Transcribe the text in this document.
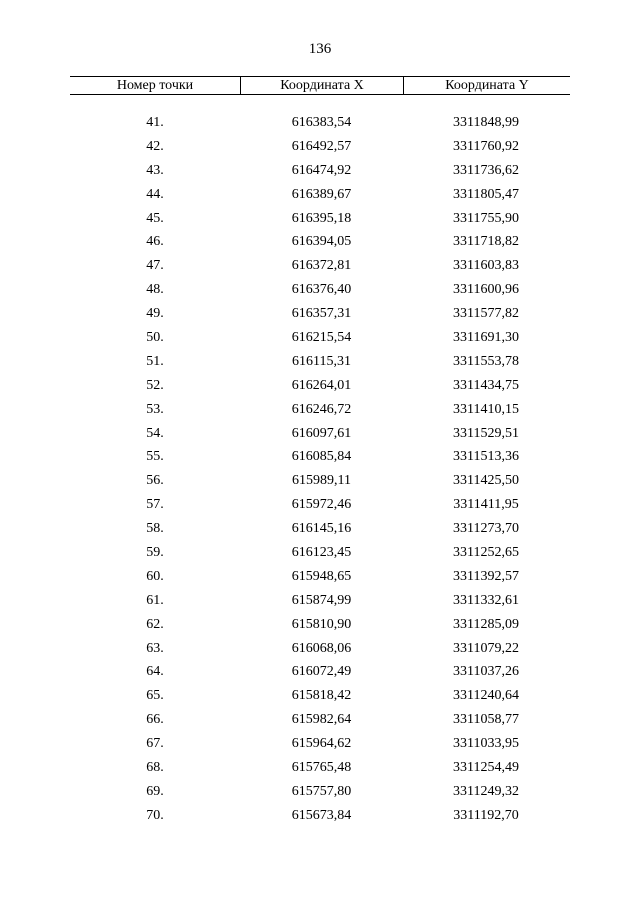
136
Номер точки	Координата X	Координата Y
41.	616383,54	3311848,99
42.	616492,57	3311760,92
43.	616474,92	3311736,62
44.	616389,67	3311805,47
45.	616395,18	3311755,90
46.	616394,05	3311718,82
47.	616372,81	3311603,83
48.	616376,40	3311600,96
49.	616357,31	3311577,82
50.	616215,54	3311691,30
51.	616115,31	3311553,78
52.	616264,01	3311434,75
53.	616246,72	3311410,15
54.	616097,61	3311529,51
55.	616085,84	3311513,36
56.	615989,11	3311425,50
57.	615972,46	3311411,95
58.	616145,16	3311273,70
59.	616123,45	3311252,65
60.	615948,65	3311392,57
61.	615874,99	3311332,61
62.	615810,90	3311285,09
63.	616068,06	3311079,22
64.	616072,49	3311037,26
65.	615818,42	3311240,64
66.	615982,64	3311058,77
67.	615964,62	3311033,95
68.	615765,48	3311254,49
69.	615757,80	3311249,32
70.	615673,84	3311192,70
